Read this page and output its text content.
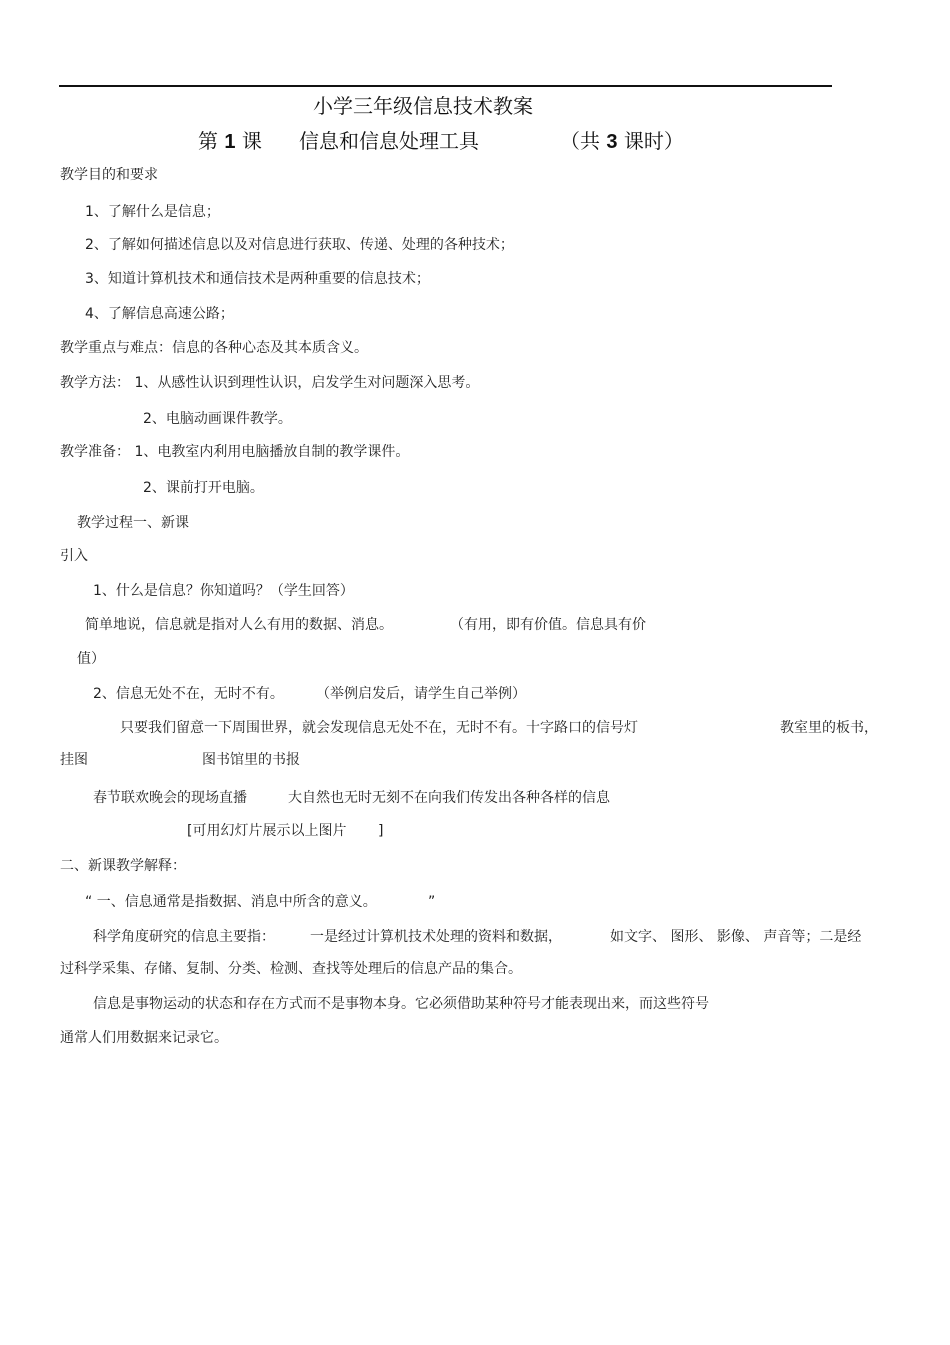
小学三年级信息技术教案
第 1 课 信息和信息处理工具	（共 3 课时）
教学目的和要求
1、了解什么是信息；
2、了解如何描述信息以及对信息进行获取、传递、处理的各种技术；
3、知道计算机技术和通信技术是两种重要的信息技术；
4、了解信息高速公路；
教学重点与难点：信息的各种心态及其本质含义。
教学方法： 1、从感性认识到理性认识，启发学生对问题深入思考。
2、电脑动画课件教学。
教学准备： 1、电教室内利用电脑播放自制的教学课件。
2、课前打开电脑。
教学过程一、新课
引入
1、什么是信息？你知道吗？（学生回答）
简单地说，信息就是指对人么有用的数据、消息。	（有用，即有价值。信息具有价
值）
2、信息无处不在，无时不有。 （举例启发后，请学生自己举例）
只要我们留意一下周围世界，就会发现信息无处不在，无时不有。十字路口的信号灯	教室里的板书，
挂图	图书馆里的书报
春节联欢晚会的现场直播	大自然也无时无刻不在向我们传发出各种各样的信息
[可用幻灯片展示以上图片 ]
二、新课教学解释：
“ 一、信息通常是指数据、消息中所含的意义。	”
科学角度研究的信息主要指：	一是经过计算机技术处理的资料和数据，	如文字、 图形、 影像、 声音等；二是经
过科学采集、存储、复制、分类、检测、查找等处理后的信息产品的集合。
信息是事物运动的状态和存在方式而不是事物本身。它必须借助某种符号才能表现出来，而这些符号
通常人们用数据来记录它。
